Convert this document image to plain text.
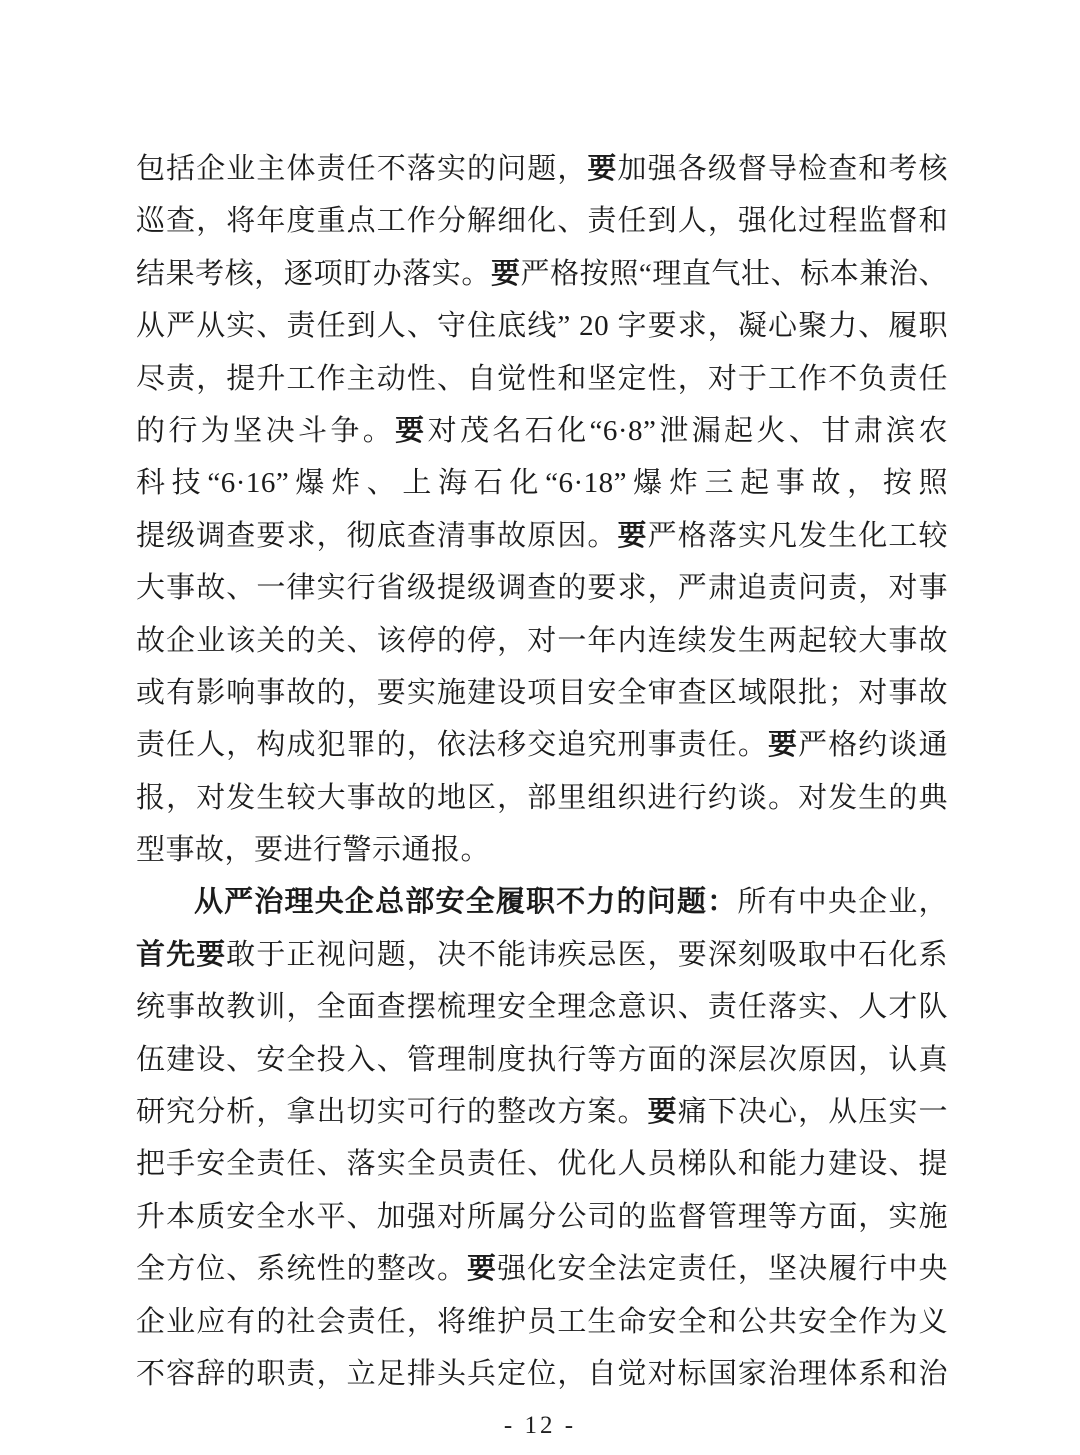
包括企业主体责任不落实的问题，要加强各级督导检查和考核
巡查，将年度重点工作分解细化、责任到人，强化过程监督和
结果考核，逐项盯办落实。要严格按照“理直气壮、标本兼治、
从严从实、责任到人、守住底线” 20 字要求，凝心聚力、履职
尽责，提升工作主动性、自觉性和坚定性，对于工作不负责任
的行为坚决斗争。要对茂名石化“6·8”泄漏起火、甘肃滨农
科技“6·16”爆炸、上海石化“6·18”爆炸三起事故，按照
提级调查要求，彻底查清事故原因。要严格落实凡发生化工较
大事故、一律实行省级提级调查的要求，严肃追责问责，对事
故企业该关的关、该停的停，对一年内连续发生两起较大事故
或有影响事故的，要实施建设项目安全审查区域限批；对事故
责任人，构成犯罪的，依法移交追究刑事责任。要严格约谈通
报，对发生较大事故的地区，部里组织进行约谈。对发生的典
型事故，要进行警示通报。
从严治理央企总部安全履职不力的问题：所有中央企业，
首先要敢于正视问题，决不能讳疾忌医，要深刻吸取中石化系
统事故教训，全面查摆梳理安全理念意识、责任落实、人才队
伍建设、安全投入、管理制度执行等方面的深层次原因，认真
研究分析，拿出切实可行的整改方案。要痛下决心，从压实一
把手安全责任、落实全员责任、优化人员梯队和能力建设、提
升本质安全水平、加强对所属分公司的监督管理等方面，实施
全方位、系统性的整改。要强化安全法定责任，坚决履行中央
企业应有的社会责任，将维护员工生命安全和公共安全作为义
不容辞的职责，立足排头兵定位，自觉对标国家治理体系和治
- 12 -
